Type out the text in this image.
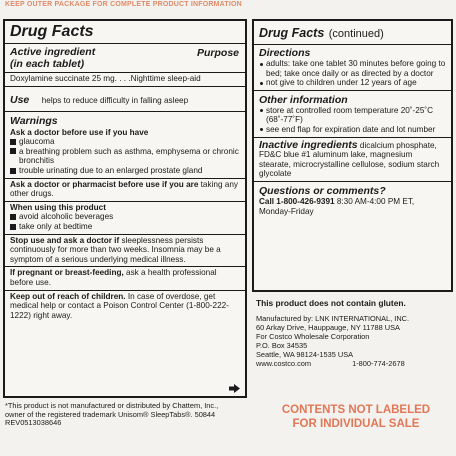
KEEP OUTER PACKAGE FOR COMPLETE PRODUCT INFORMATION
Drug Facts
Active ingredient
(in each tablet)
Purpose
Doxylamine succinate 25 mg. . . .Nighttime sleep-aid
Use helps to reduce difficulty in falling asleep
Warnings
Ask a doctor before use if you have
glaucoma
a breathing problem such as asthma, emphysema or chronic bronchitis
trouble urinating due to an enlarged prostate gland
Ask a doctor or pharmacist before use if you are taking any other drugs.
When using this product
avoid alcoholic beverages
take only at bedtime
Stop use and ask a doctor if sleeplessness persists continuously for more than two weeks. Insomnia may be a symptom of a serious underlying medical illness.
If pregnant or breast-feeding, ask a health professional before use.
Keep out of reach of children. In case of overdose, get medical help or contact a Poison Control Center (1-800-222-1222) right away.
Drug Facts (continued)
Directions
adults: take one tablet 30 minutes before going to bed; take once daily or as directed by a doctor
not give to children under 12 years of age
Other information
store at controlled room temperature 20˚-25˚C (68˚-77˚F)
see end flap for expiration date and lot number
Inactive ingredients dicalcium phosphate, FD&C blue #1 aluminum lake, magnesium stearate, microcrystalline cellulose, sodium starch glycolate
Questions or comments?
Call 1-800-426-9391 8:30 AM-4:00 PM ET, Monday-Friday
This product does not contain gluten.
Manufactured by: LNK INTERNATIONAL, INC.
60 Arkay Drive, Hauppauge, NY 11788 USA
For Costco Wholesale Corporation
P.O. Box 34535
Seattle, WA 98124-1535 USA
www.costco.com                    1-800-774-2678
*This product is not manufactured or distributed by Chattem, Inc., owner of the registered trademark Unisom® SleepTabs®. 50844 REV0513038646
CONTENTS NOT LABELED
FOR INDIVIDUAL SALE
